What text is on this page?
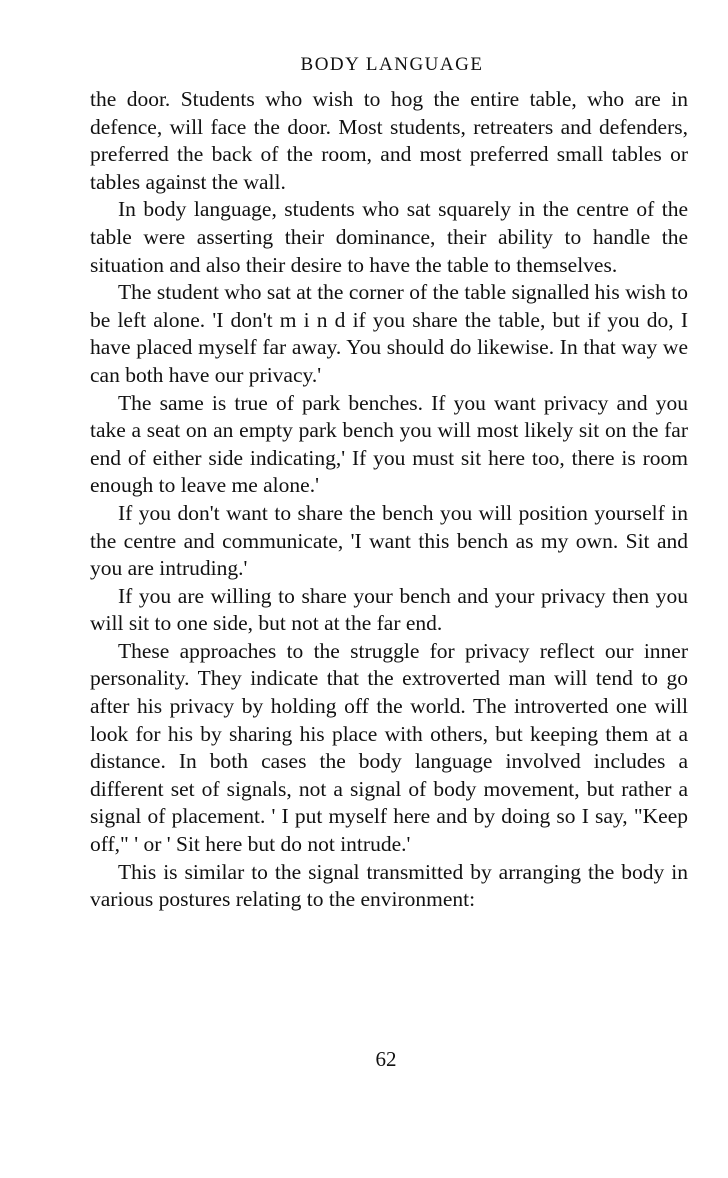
BODY LANGUAGE

the door. Students who wish to hog the entire table, who are in defence, will face the door. Most students, retreaters and defenders, preferred the back of the room, and most preferred small tables or tables against the wall.

In body language, students who sat squarely in the centre of the table were asserting their dominance, their ability to handle the situation and also their desire to have the table to themselves.

The student who sat at the corner of the table signalled his wish to be left alone. 'I don't m i n d if you share the table, but if you do, I have placed myself far away. You should do likewise. In that way we can both have our privacy.'

The same is true of park benches. If you want privacy and you take a seat on an empty park bench you will most likely sit on the far end of either side indicating,' If you must sit here too, there is room enough to leave me alone.'

If you don't want to share the bench you will position yourself in the centre and communicate, 'I want this bench as my own. Sit and you are intruding.'

If you are willing to share your bench and your privacy then you will sit to one side, but not at the far end.

These approaches to the struggle for privacy reflect our inner personality. They indicate that the extroverted man will tend to go after his privacy by holding off the world. The introverted one will look for his by sharing his place with others, but keeping them at a distance. In both cases the body language involved includes a different set of signals, not a signal of body movement, but rather a signal of placement. ' I put myself here and by doing so I say, "Keep off," ' or ' Sit here but do not intrude.'

This is similar to the signal transmitted by arranging the body in various postures relating to the environment:

62
